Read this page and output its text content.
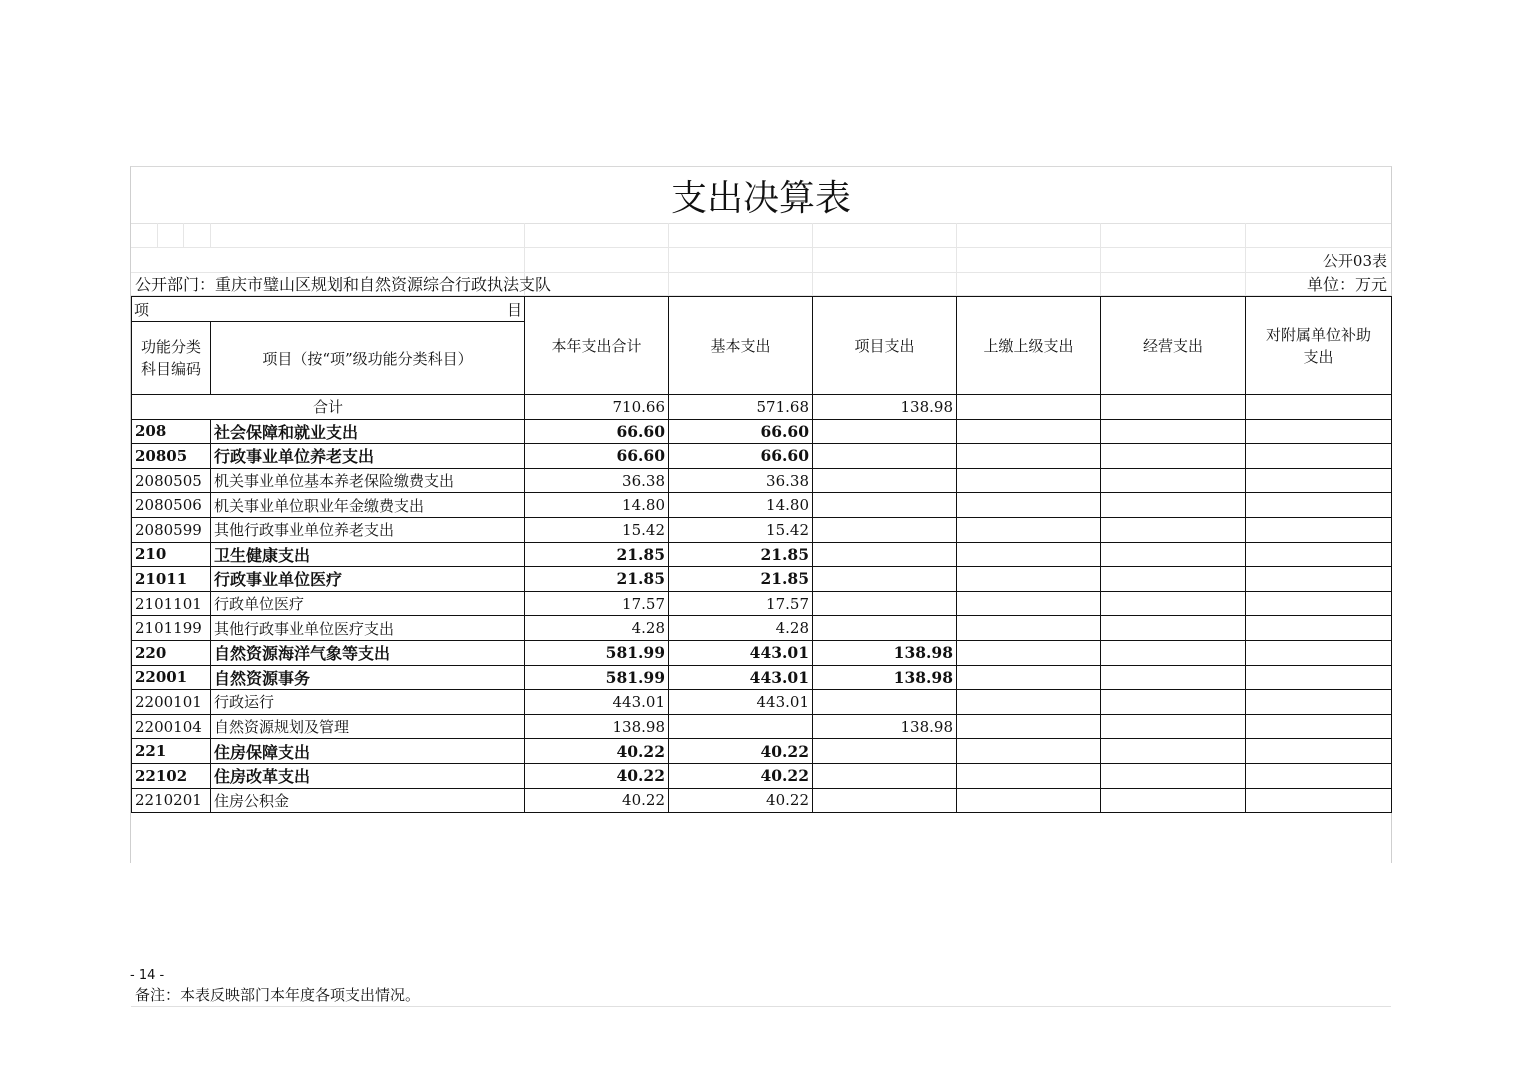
支出决算表
公开03表
公开部门：重庆市璧山区规划和自然资源综合行政执法支队	单位：万元
项 目		本年支出合计	基本支出	项目支出	上缴上级支出	经营支出	对附属单位补助
支出
功能分类
科目编码	项目（按“项”级功能分类科目）						
合计		710.66	571.68	138.98			
208	社会保障和就业支出	66.60	66.60				
20805	行政事业单位养老支出	66.60	66.60				
2080505	机关事业单位基本养老保险缴费支出	36.38	36.38				
2080506	机关事业单位职业年金缴费支出	14.80	14.80				
2080599	其他行政事业单位养老支出	15.42	15.42				
210	卫生健康支出	21.85	21.85				
21011	行政事业单位医疗	21.85	21.85				
2101101	行政单位医疗	17.57	17.57				
2101199	其他行政事业单位医疗支出	4.28	4.28				
220	自然资源海洋气象等支出	581.99	443.01	138.98			
22001	自然资源事务	581.99	443.01	138.98			
2200101	行政运行	443.01	443.01				
2200104	自然资源规划及管理	138.98		138.98			
221	住房保障支出	40.22	40.22				
22102	住房改革支出	40.22	40.22				
2210201	住房公积金	40.22	40.22				
备注：本表反映部门本年度各项支出情况。
- 14 -
